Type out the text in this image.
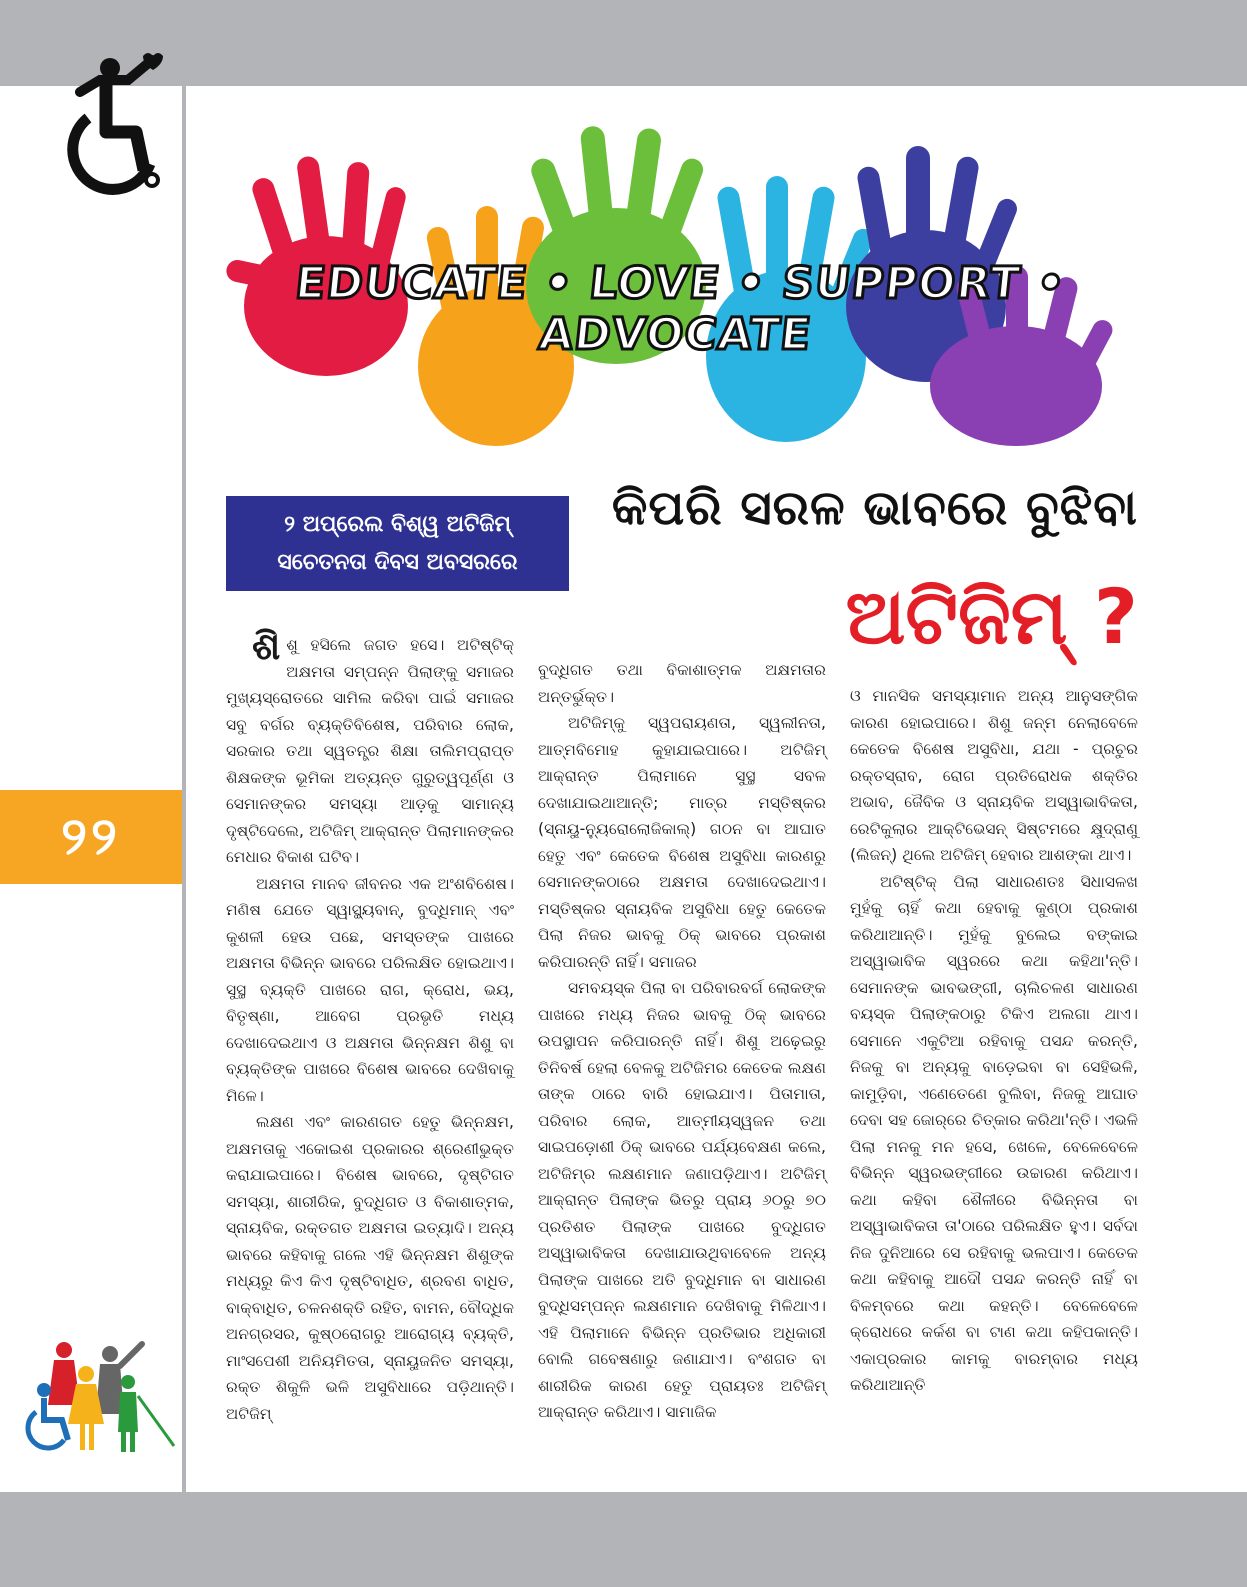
୨୨
EDUCATE • LOVE • SUPPORT • ADVOCATE
୨ ଅପ୍ରେଲ ବିଶ୍ୱ ଅଟିଜିମ୍
ସଚେତନତା ଦିବସ ଅବସରରେ
କିପରି ସରଳ ଭାବରେ ବୁଝିବା
ଅଟିଜିମ୍ ?

ଶିଶୁ ହସିଲେ ଜଗତ ହସେ। ଅଟିଷ୍ଟିକ୍ ଅକ୍ଷମତା ସମ୍ପନ୍ନ ପିଲାଙ୍କୁ ସମାଜର ମୁଖ୍ୟସ୍ରୋତରେ ସାମିଲ କରିବା ପାଇଁ ସମାଜର ସବୁ ବର୍ଗର ବ୍ୟକ୍ତିବିଶେଷ, ପରିବାର ଲୋକ, ସରକାର ତଥା ସ୍ୱତନ୍ତ୍ର ଶିକ୍ଷା ତାଲିମପ୍ରାପ୍ତ ଶିକ୍ଷକଙ୍କ ଭୂମିକା ଅତ୍ୟନ୍ତ ଗୁରୁତ୍ୱପୂର୍ଣ୍ଣ ଓ ସେମାନଙ୍କର ସମସ୍ୟା ଆଡ଼କୁ ସାମାନ୍ୟ ଦୃଷ୍ଟିଦେଲେ, ଅଟିଜିମ୍ ଆକ୍ରାନ୍ତ ପିଲାମାନଙ୍କର ମେଧାର ବିକାଶ ଘଟିବ।

ଅକ୍ଷମତା ମାନବ ଜୀବନର ଏକ ଅଂଶବିଶେଷ। ମଣିଷ ଯେତେ ସ୍ୱାସ୍ଥ୍ୟବାନ୍, ବୁଦ୍ଧିମାନ୍ ଏବଂ କୁଶଳୀ ହେଉ ପଛେ, ସମସ୍ତଙ୍କ ପାଖରେ ଅକ୍ଷମତା ବିଭିନ୍ନ ଭାବରେ ପରିଲକ୍ଷିତ ହୋଇଥାଏ। ସୁସ୍ଥ ବ୍ୟକ୍ତି ପାଖରେ ରାଗ, କ୍ରୋଧ, ଭୟ, ବିତୃଷ୍ଣା, ଆବେଗ ପ୍ରଭୃତି ମଧ୍ୟ ଦେଖାଦେଇଥାଏ ଓ ଅକ୍ଷମତା ଭିନ୍ନକ୍ଷମ ଶିଶୁ ବା ବ୍ୟକ୍ତିଙ୍କ ପାଖରେ ବିଶେଷ ଭାବରେ ଦେଖିବାକୁ ମିଳେ।

ଲକ୍ଷଣ ଏବଂ କାରଣଗତ ହେତୁ ଭିନ୍ନକ୍ଷମ, ଅକ୍ଷମତାକୁ ଏକୋଇଶ ପ୍ରକାରର ଶ୍ରେଣୀଭୁକ୍ତ କରାଯାଇପାରେ। ବିଶେଷ ଭାବରେ, ଦୃଷ୍ଟିଗତ ସମସ୍ୟା, ଶାରୀରିକ, ବୁଦ୍ଧିଗତ ଓ ବିକାଶାତ୍ମକ, ସ୍ନାୟବିକ, ରକ୍ତଗତ ଅକ୍ଷମତା ଇତ୍ୟାଦି। ଅନ୍ୟ ଭାବରେ କହିବାକୁ ଗଲେ ଏହି ଭିନ୍ନକ୍ଷମ ଶିଶୁଙ୍କ ମଧ୍ୟରୁ କିଏ କିଏ ଦୃଷ୍ଟିବାଧିତ, ଶ୍ରବଣ ବାଧିତ, ବାକ୍‌ବାଧିତ, ଚଳନଶକ୍ତି ରହିତ, ବାମନ, ବୌଦ୍ଧିକ ଅନଗ୍ରସର, କୁଷ୍ଠରୋଗରୁ ଆରୋଗ୍ୟ ବ୍ୟକ୍ତି, ମାଂସପେଶୀ ଅନିୟମିତତା, ସ୍ନାୟୁଜନିତ ସମସ୍ୟା, ରକ୍ତ ଶିକୁଳି ଭଳି ଅସୁବିଧାରେ ପଡ଼ିଥାନ୍ତି। ଅଟିଜିମ୍

ବୁଦ୍ଧିଗତ ତଥା ବିକାଶାତ୍ମକ ଅକ୍ଷମତାର ଅନ୍ତର୍ଭୁକ୍ତ।

ଅଟିଜିମ୍‌କୁ ସ୍ୱପରାୟଣତା, ସ୍ୱଲୀନତା, ଆତ୍ମବିମୋହ କୁହାଯାଇପାରେ। ଅଟିଜିମ୍ ଆକ୍ରାନ୍ତ ପିଲାମାନେ ସୁସ୍ଥ ସବଳ ଦେଖାଯାଇଥାଆନ୍ତି; ମାତ୍ର ମସ୍ତିଷ୍କର (ସ୍ନାୟୁ-ନ୍ୟୁରୋଲୋଜିକାଲ୍) ଗଠନ ବା ଆଘାତ ହେତୁ ଏବଂ କେତେକ ବିଶେଷ ଅସୁବିଧା କାରଣରୁ ସେମାନଙ୍କଠାରେ ଅକ୍ଷମତା ଦେଖାଦେଇଥାଏ। ମସ୍ତିଷ୍କର ସ୍ନାୟବିକ ଅସୁବିଧା ହେତୁ କେତେକ ପିଲା ନିଜର ଭାବକୁ ଠିକ୍ ଭାବରେ ପ୍ରକାଶ କରିପାରନ୍ତି ନାହିଁ। ସମାଜର

ସମବୟସ୍କ ପିଲା ବା ପରିବାରବର୍ଗ ଲୋକଙ୍କ ପାଖରେ ମଧ୍ୟ ନିଜର ଭାବକୁ ଠିକ୍ ଭାବରେ ଉପସ୍ଥାପନ କରିପାରନ୍ତି ନାହିଁ। ଶିଶୁ ଅଢ଼େଇରୁ ତିନିବର୍ଷ ହେଲା ବେଳକୁ ଅଟିଜିମର କେତେକ ଲକ୍ଷଣ ତାଙ୍କ ଠାରେ ବାରି ହୋଇଯାଏ। ପିତାମାତା, ପରିବାର ଲୋକ, ଆତ୍ମୀୟସ୍ୱଜନ ତଥା ସାଇପଡ଼ୋଶୀ ଠିକ୍ ଭାବରେ ପର୍ଯ୍ୟବେକ୍ଷଣ କଲେ, ଅଟିଜିମ୍‌ର ଲକ୍ଷଣମାନ ଜଣାପଡ଼ିଥାଏ। ଅଟିଜିମ୍ ଆକ୍ରାନ୍ତ ପିଲାଙ୍କ ଭିତରୁ ପ୍ରାୟ ୬୦ରୁ ୭୦ ପ୍ରତିଶତ ପିଲାଙ୍କ ପାଖରେ ବୁଦ୍ଧିଗତ ଅସ୍ୱାଭାବିକତା ଦେଖାଯାଉଥିବାବେଳେ ଅନ୍ୟ ପିଲାଙ୍କ ପାଖରେ ଅତି ବୁଦ୍ଧିମାନ ବା ସାଧାରଣ ବୁଦ୍ଧିସମ୍ପନ୍ନ ଲକ୍ଷଣମାନ ଦେଖିବାକୁ ମିଳିଥାଏ। ଏହି ପିଲାମାନେ ବିଭିନ୍ନ ପ୍ରତିଭାର ଅଧିକାରୀ ବୋଲି ଗବେଷଣାରୁ ଜଣାଯାଏ। ବଂଶଗତ ବା ଶାରୀରିକ କାରଣ ହେତୁ ପ୍ରାୟତଃ ଅଟିଜିମ୍ ଆକ୍ରାନ୍ତ କରିଥାଏ। ସାମାଜିକ

ଓ ମାନସିକ ସମସ୍ୟାମାନ ଅନ୍ୟ ଆନୁସଙ୍ଗିକ କାରଣ ହୋଇପାରେ। ଶିଶୁ ଜନ୍ମ ନେଲାବେଳେ କେତେକ ବିଶେଷ ଅସୁବିଧା, ଯଥା - ପ୍ରଚୁର ରକ୍ତସ୍ରାବ, ରୋଗ ପ୍ରତିରୋଧକ ଶକ୍ତିର ଅଭାବ, ଜୈବିକ ଓ ସ୍ନାୟବିକ ଅସ୍ୱାଭାବିକତା, ରେଟିକୁଲାର ଆକ୍ଟିଭେସନ୍ ସିଷ୍ଟମରେ କ୍ଷୁଦ୍ରାଣୁ (ଲିଜନ୍) ଥିଲେ ଅଟିଜିମ୍ ହେବାର ଆଶଙ୍କା ଥାଏ।

ଅଟିଷ୍ଟିକ୍ ପିଲା ସାଧାରଣତଃ ସିଧାସଳଖ ମୁହଁକୁ ଚାହିଁ କଥା ହେବାକୁ କୁଣ୍ଠା ପ୍ରକାଶ କରିଥାଆନ୍ତି। ମୁହଁକୁ ବୁଲେଇ ବଙ୍କାଇ ଅସ୍ୱାଭାବିକ ସ୍ୱରରେ କଥା କହିଥା'ନ୍ତି। ସେମାନଙ୍କ ଭାବଭଙ୍ଗୀ, ଚାଲିଚଳଣ ସାଧାରଣ ବୟସ୍କ ପିଲାଙ୍କଠାରୁ ଟିକିଏ ଅଲଗା ଥାଏ। ସେମାନେ ଏକୁଟିଆ ରହିବାକୁ ପସନ୍ଦ କରନ୍ତି, ନିଜକୁ ବା ଅନ୍ୟକୁ ବାଡ଼େଇବା ବା ସେହିଭଳି, କାମୁଡ଼ିବା, ଏଣେତେଣେ ବୁଲିବା, ନିଜକୁ ଆଘାତ ଦେବା ସହ ଜୋର୍‌ରେ ଚିତ୍କାର କରିଥା'ନ୍ତି। ଏଭଳି ପିଲା ମନକୁ ମନ ହସେ, ଖେଳେ, ବେଳେବେଳେ ବିଭିନ୍ନ ସ୍ୱରଭଙ୍ଗୀରେ ଉଚ୍ଚାରଣ କରିଥାଏ। କଥା କହିବା ଶୈଳୀରେ ବିଭିନ୍ନତା ବା ଅସ୍ୱାଭାବିକତା ତା'ଠାରେ ପରିଲକ୍ଷିତ ହୁଏ। ସର୍ବଦା ନିଜ ଦୁନିଆରେ ସେ ରହିବାକୁ ଭଲପାଏ। କେତେକ କଥା କହିବାକୁ ଆଦୌ ପସନ୍ଦ କରନ୍ତି ନାହିଁ ବା ବିଳମ୍ବରେ କଥା କହନ୍ତି। ବେଳେବେଳେ କ୍ରୋଧରେ କର୍କଶ ବା ଟାଣ କଥା କହିପକାନ୍ତି। ଏକାପ୍ରକାର କାମକୁ ବାରମ୍ବାର ମଧ୍ୟ କରିଥାଆନ୍ତି
